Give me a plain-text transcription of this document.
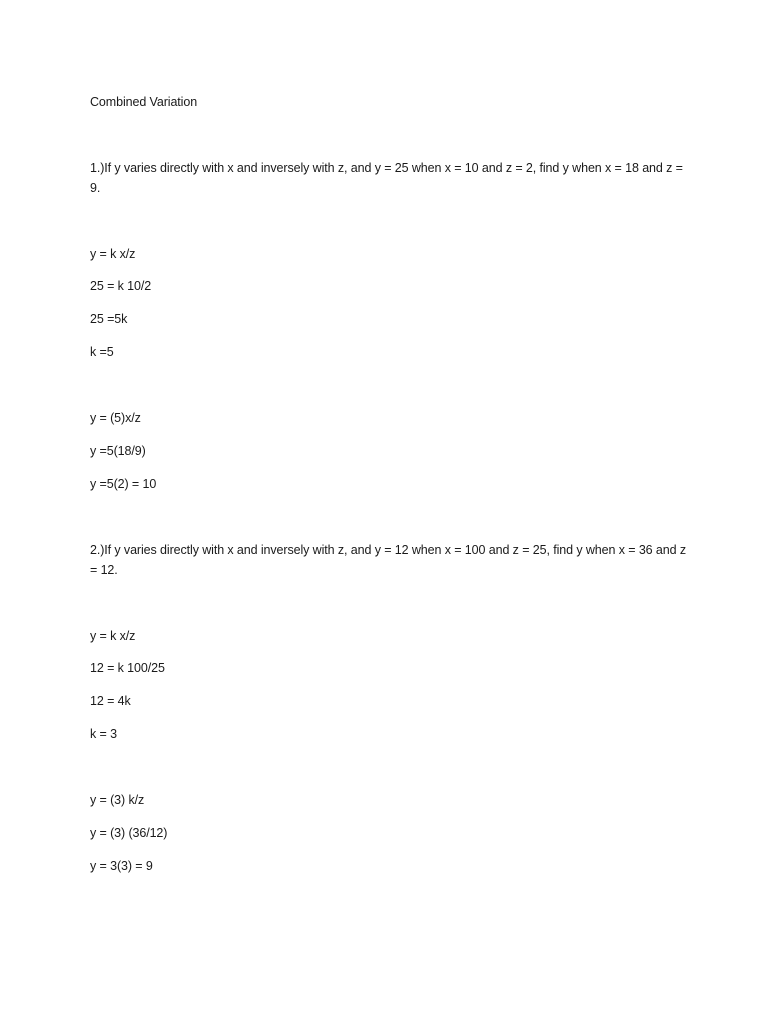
Combined Variation

1.)If y varies directly with x and inversely with z, and y = 25 when x = 10 and z = 2, find y when x = 18 and z = 9.

y = k x/z

25 = k 10/2

25 =5k

k =5

y = (5)x/z

y =5(18/9)

y =5(2) = 10

2.)If y varies directly with x and inversely with z, and y = 12 when x = 100 and z = 25, find y when x = 36 and z = 12.

y = k x/z

12 = k 100/25

12 = 4k

k = 3

y = (3) k/z

y = (3) (36/12)

y = 3(3) = 9
